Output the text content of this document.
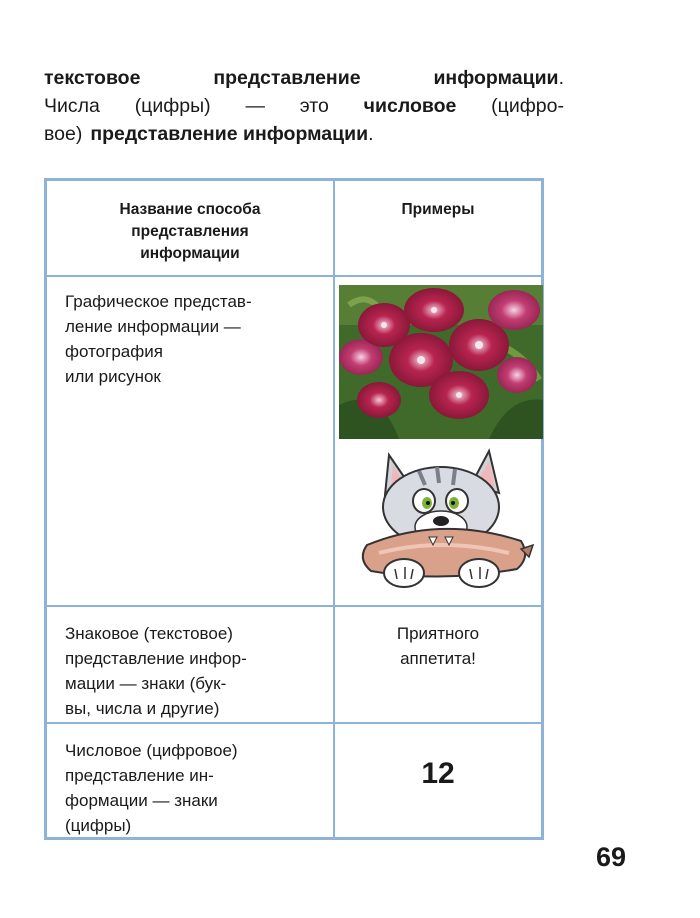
текстовое	представление	информации .
Числа (цифры) — это числовое (цифро-
вое) представление информации .
Название способа
представления
информации
Примеры
Графическое представ-
ление информации —
фотография
или рисунок
Знаковое (текстовое)
представление инфор-
мации — знаки (бук-
вы, числа и другие)
Приятного
аппетита!
Числовое (цифровое)
представление ин-
формации — знаки
(цифры)
12
69
